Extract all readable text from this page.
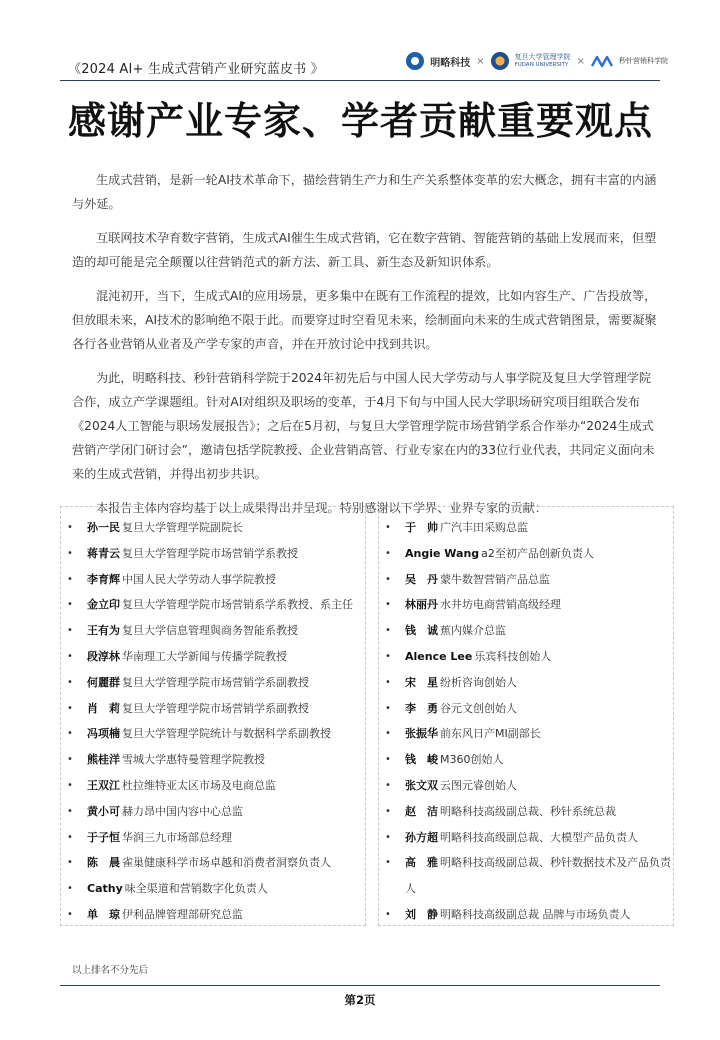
《2024 AI+ 生成式营销产业研究蓝皮书 》	明略科技 ×	复旦大学管理学院
FUDAN UNIVERSITY ×	秒针营销科学院
感谢产业专家、学者贡献重要观点

生成式营销，是新一轮AI技术革命下，描绘营销生产力和生产关系整体变革的宏大概念，拥有丰富的内涵与外延。

互联网技术孕育数字营销，生成式AI催生生成式营销，它在数字营销、智能营销的基础上发展而来，但塑造的却可能是完全颠覆以往营销范式的新方法、新工具、新生态及新知识体系。

混沌初开，当下，生成式AI的应用场景，更多集中在既有工作流程的提效，比如内容生产、广告投放等，但放眼未来，AI技术的影响绝不限于此。而要穿过时空看见未来，绘制面向未来的生成式营销图景，需要凝聚各行各业营销从业者及产学专家的声音，并在开放讨论中找到共识。

为此，明略科技、秒针营销科学院于2024年初先后与中国人民大学劳动与人事学院及复旦大学管理学院合作，成立产学课题组。针对AI对组织及职场的变革，于4月下旬与中国人民大学职场研究项目组联合发布《2024人工智能与职场发展报告》；之后在5月初，与复旦大学管理学院市场营销学系合作举办“2024生成式营销产学闭门研讨会”，邀请包括学院教授、企业营销高管、行业专家在内的33位行业代表，共同定义面向未来的生成式营销，并得出初步共识。

本报告主体内容均基于以上成果得出并呈现。特别感谢以下学界、业界专家的贡献：

•	孙一民 复旦大学管理学院副院长
•	蒋青云 复旦大学管理学院市场营销学系教授
•	李育辉 中国人民大学劳动人事学院教授
•	金立印 复旦大学管理学院市场营销系学系教授、系主任
•	王有为 复旦大学信息管理與商务智能系教授
•	段淳林 华南理工大学新闻与传播学院教授
•	何麗群 复旦大学管理学院市场营销学系副教授
•	肖　莉 复旦大学管理学院市场营销学系副教授
•	冯项楠 复旦大学管理学院统计与数据科学系副教授
•	熊桂洋 雪城大学惠特曼管理学院教授
•	王双江 杜拉维特亚太区市场及电商总监
•	黄小可 赫力昂中国内容中心总监
•	于子恒 华润三九市场部总经理
•	陈　晨 雀巢健康科学市场卓越和消费者洞察负责人
•	Cathy 味全渠道和营销数字化负责人
•	单　琼 伊利品牌管理部研究总监
•	于　帅 广汽丰田采购总监
•	Angie Wang a2至初产品创新负责人
•	吴　丹 蒙牛数智营销产品总监
•	林丽丹 水井坊电商营销高级经理
•	钱　诚 蕉内媒介总监
•	Alence Lee 乐宾科技创始人
•	宋　星 纷析咨询创始人
•	李　勇 谷元文创创始人
•	张振华 前东风日产MI副部长
•	钱　峻 M360创始人
•	张文双 云图元睿创始人
•	赵　洁 明略科技高级副总裁、秒针系统总裁
•	孙方超 明略科技高级副总裁、大模型产品负责人
•	高　雅 明略科技高级副总裁、秒针数据技术及产品负责人
•	刘　静 明略科技高级副总裁 品牌与市场负责人
以上排名不分先后
第2页
